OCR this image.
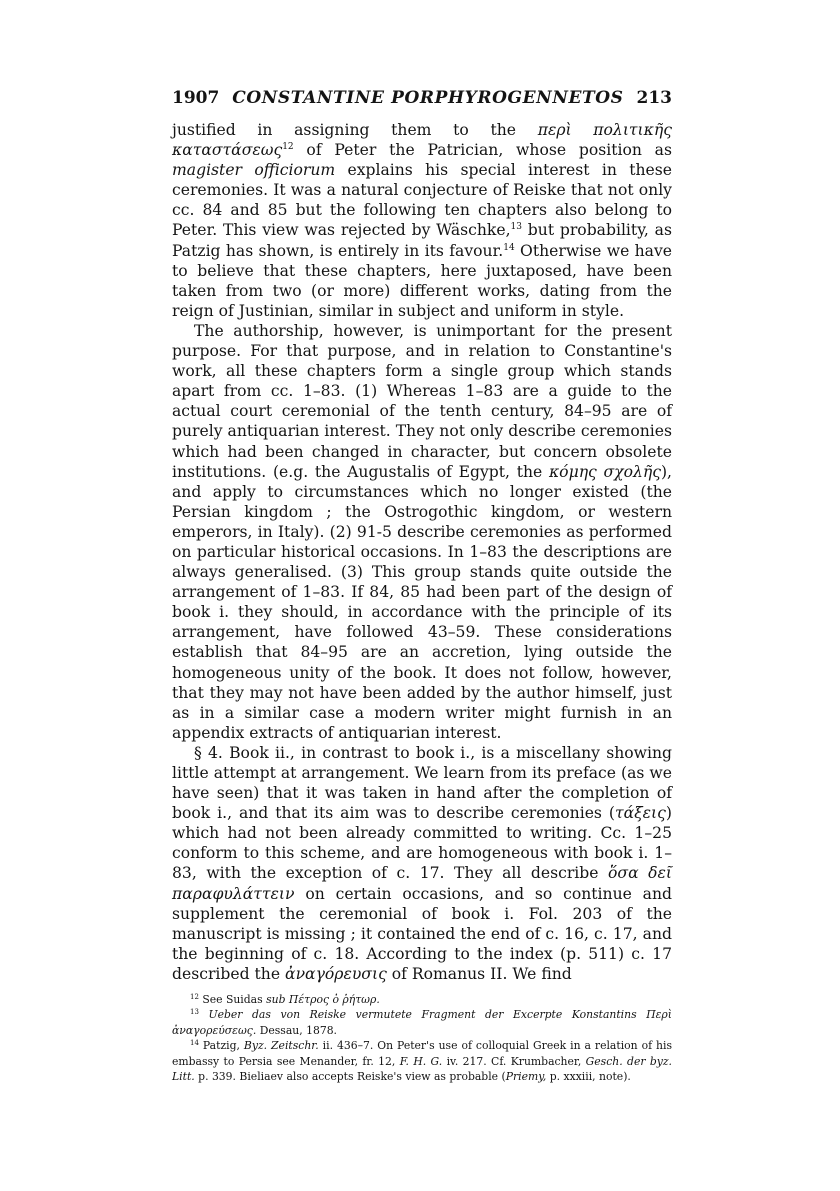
1907 CONSTANTINE PORPHYROGENNETOS 213

justified in assigning them to the περὶ πολιτικῆς καταστάσεως$^{12}$ of Peter the Patrician, whose position as magister officiorum explains his special interest in these ceremonies. It was a natural conjecture of Reiske that not only cc. 84 and 85 but the following ten chapters also belong to Peter. This view was rejected by Wäschke,$^{13}$ but probability, as Patzig has shown, is entirely in its favour.$^{14}$ Otherwise we have to believe that these chapters, here juxtaposed, have been taken from two (or more) different works, dating from the reign of Justinian, similar in subject and uniform in style.

The authorship, however, is unimportant for the present purpose. For that purpose, and in relation to Constantine's work, all these chapters form a single group which stands apart from cc. 1–83. (1) Whereas 1–83 are a guide to the actual court ceremonial of the tenth century, 84–95 are of purely antiquarian interest. They not only describe ceremonies which had been changed in character, but concern obsolete institutions. (e.g. the Augustalis of Egypt, the κόμης σχολῆς), and apply to circumstances which no longer existed (the Persian kingdom ; the Ostrogothic kingdom, or western emperors, in Italy). (2) 91-5 describe ceremonies as performed on particular historical occasions. In 1–83 the descriptions are always generalised. (3) This group stands quite outside the arrangement of 1–83. If 84, 85 had been part of the design of book i. they should, in accordance with the principle of its arrangement, have followed 43–59. These considerations establish that 84–95 are an accretion, lying outside the homogeneous unity of the book. It does not follow, however, that they may not have been added by the author himself, just as in a similar case a modern writer might furnish in an appendix extracts of antiquarian interest.

§ 4. Book ii., in contrast to book i., is a miscellany showing little attempt at arrangement. We learn from its preface (as we have seen) that it was taken in hand after the completion of book i., and that its aim was to describe ceremonies (τάξεις) which had not been already committed to writing. Cc. 1–25 conform to this scheme, and are homogeneous with book i. 1–83, with the exception of c. 17. They all describe ὅσα δεῖ παραφυλάττειν on certain occasions, and so continue and supplement the ceremonial of book i. Fol. 203 of the manuscript is missing ; it contained the end of c. 16, c. 17, and the beginning of c. 18. According to the index (p. 511) c. 17 described the ἀναγόρευσις of Romanus II. We find

$^{12}$ See Suidas sub Πέτρος ὁ ῥήτωρ.

$^{13}$ Ueber das von Reiske vermutete Fragment der Excerpte Konstantins Περὶ ἀναγορεύσεως. Dessau, 1878.

$^{14}$ Patzig, Byz. Zeitschr. ii. 436–7. On Peter's use of colloquial Greek in a relation of his embassy to Persia see Menander, fr. 12, F. H. G. iv. 217. Cf. Krumbacher, Gesch. der byz. Litt. p. 339. Bieliaev also accepts Reiske's view as probable (Priemy, p. xxxiii, note).
